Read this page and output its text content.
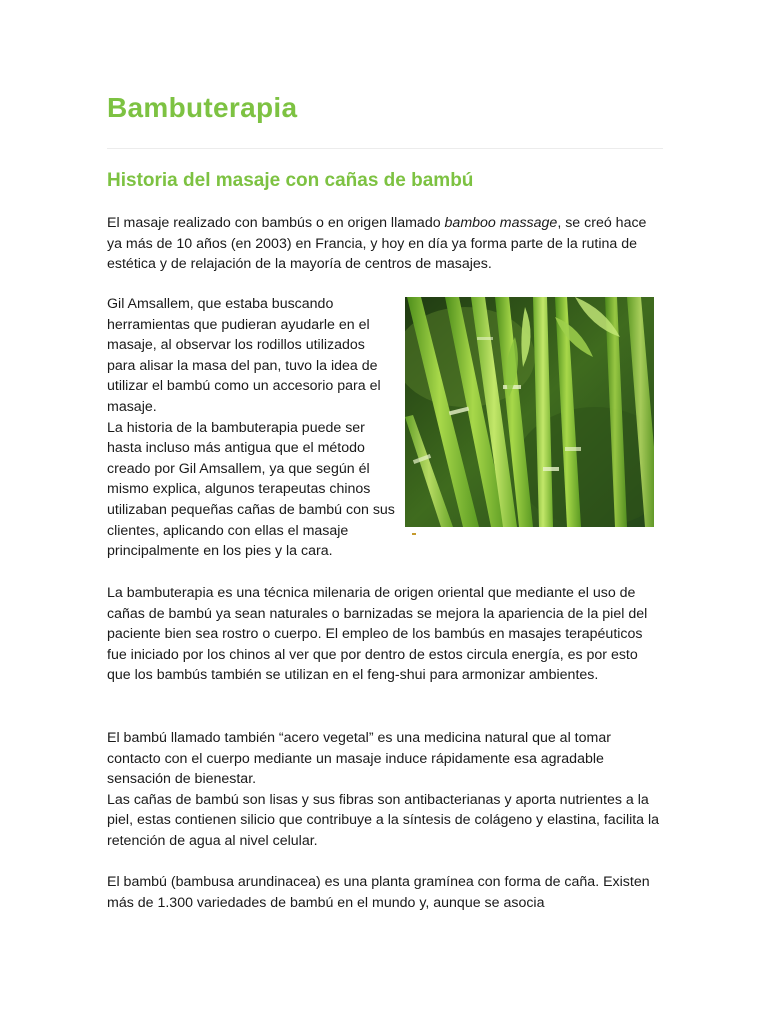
Bambuterapia
Historia del masaje con cañas de bambú

El masaje realizado con bambús o en origen llamado bamboo massage, se creó hace ya más de 10 años (en 2003) en Francia, y hoy en día ya forma parte de la rutina de estética y de relajación de la mayoría de centros de masajes.

Gil Amsallem, que estaba buscando herramientas que pudieran ayudarle en el masaje, al observar los rodillos utilizados para alisar la masa del pan, tuvo la idea de utilizar el bambú como un accesorio para el masaje.
La historia de la bambuterapia puede ser hasta incluso más antigua que el método creado por Gil Amsallem, ya que según él mismo explica, algunos terapeutas chinos utilizaban pequeñas cañas de bambú con sus clientes, aplicando con ellas el masaje principalmente en los pies y la cara.

La bambuterapia es una técnica milenaria de origen oriental que mediante el uso de cañas de bambú ya sean naturales o barnizadas se mejora la apariencia de la piel del paciente bien sea rostro o cuerpo. El empleo de los bambús en masajes terapéuticos fue iniciado por los chinos al ver que por dentro de estos circula energía, es por esto que los bambús también se utilizan en el feng-shui para armonizar ambientes.

El bambú llamado también “acero vegetal” es una medicina natural que al tomar contacto con el cuerpo mediante un masaje induce rápidamente esa agradable sensación de bienestar.
Las cañas de bambú son lisas y sus fibras son antibacterianas y aporta nutrientes a la piel, estas contienen silicio que contribuye a la síntesis de colágeno y elastina, facilita la retención de agua al nivel celular.

El bambú (bambusa arundinacea) es una planta gramínea con forma de caña. Existen más de 1.300 variedades de bambú en el mundo y, aunque se asocia
